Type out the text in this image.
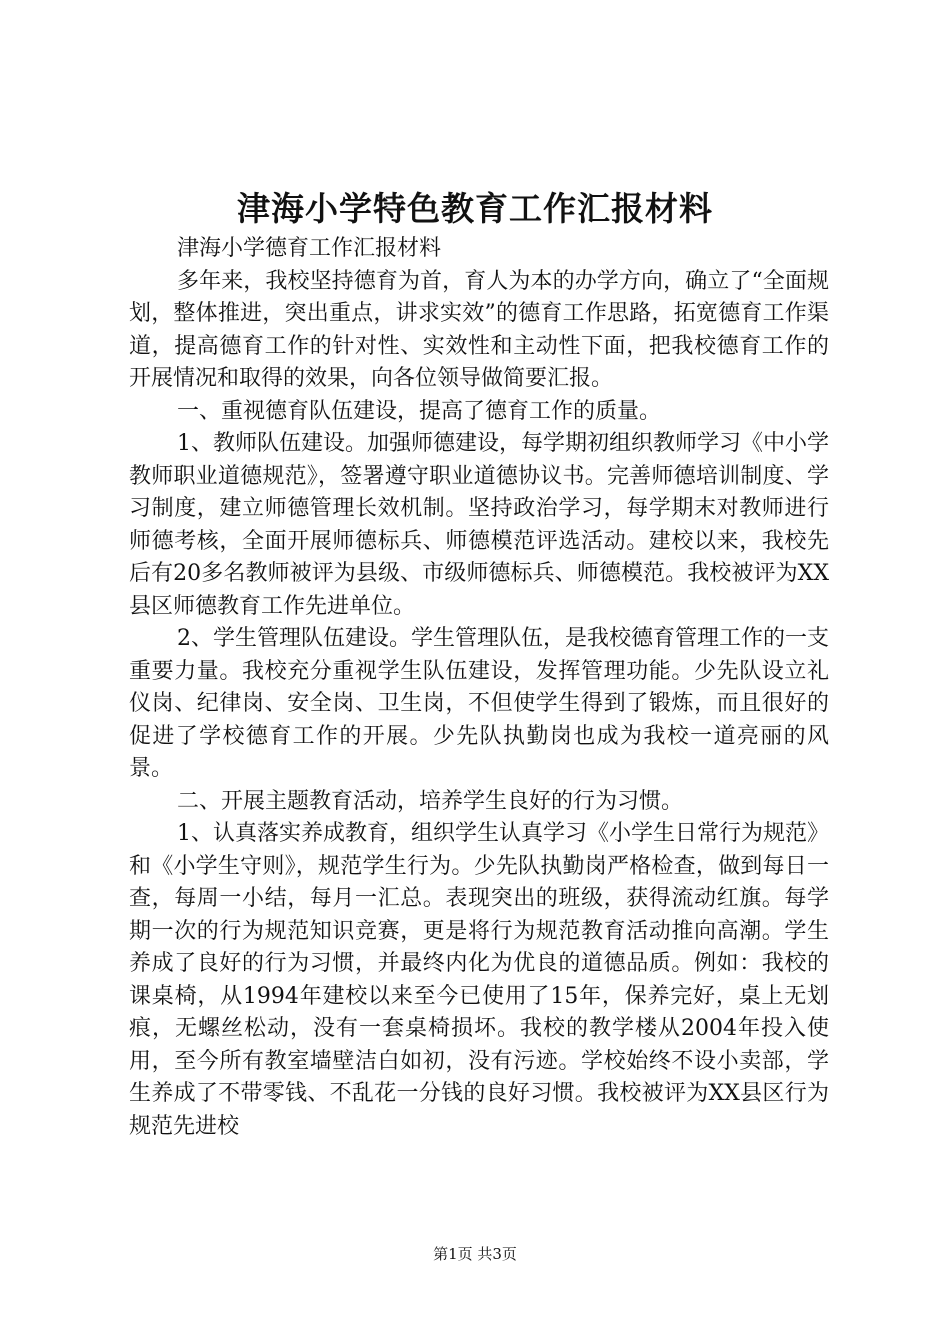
津海小学特色教育工作汇报材料

津海小学德育工作汇报材料

多年来，我校坚持德育为首，育人为本的办学方向，确立了“全面规划，整体推进，突出重点，讲求实效”的德育工作思路，拓宽德育工作渠道，提高德育工作的针对性、实效性和主动性下面，把我校德育工作的开展情况和取得的效果，向各位领导做简要汇报。

一、重视德育队伍建设，提高了德育工作的质量。

1、教师队伍建设。加强师德建设，每学期初组织教师学习《中小学教师职业道德规范》，签署遵守职业道德协议书。完善师德培训制度、学习制度，建立师德管理长效机制。坚持政治学习，每学期末对教师进行师德考核，全面开展师德标兵、师德模范评选活动。建校以来，我校先后有20多名教师被评为县级、市级师德标兵、师德模范。我校被评为XX县区师德教育工作先进单位。

2、学生管理队伍建设。学生管理队伍，是我校德育管理工作的一支重要力量。我校充分重视学生队伍建设，发挥管理功能。少先队设立礼仪岗、纪律岗、安全岗、卫生岗，不但使学生得到了锻炼，而且很好的促进了学校德育工作的开展。少先队执勤岗也成为我校一道亮丽的风景。

二、开展主题教育活动，培养学生良好的行为习惯。

1、认真落实养成教育，组织学生认真学习《小学生日常行为规范》和《小学生守则》，规范学生行为。少先队执勤岗严格检查，做到每日一查，每周一小结，每月一汇总。表现突出的班级，获得流动红旗。每学期一次的行为规范知识竞赛，更是将行为规范教育活动推向高潮。学生养成了良好的行为习惯，并最终内化为优良的道德品质。例如：我校的课桌椅，从1994年建校以来至今已使用了15年，保养完好，桌上无划痕，无螺丝松动，没有一套桌椅损坏。我校的教学楼从2004年投入使用，至今所有教室墙壁洁白如初，没有污迹。学校始终不设小卖部，学生养成了不带零钱、不乱花一分钱的良好习惯。我校被评为XX县区行为规范先进校

第1页 共3页
